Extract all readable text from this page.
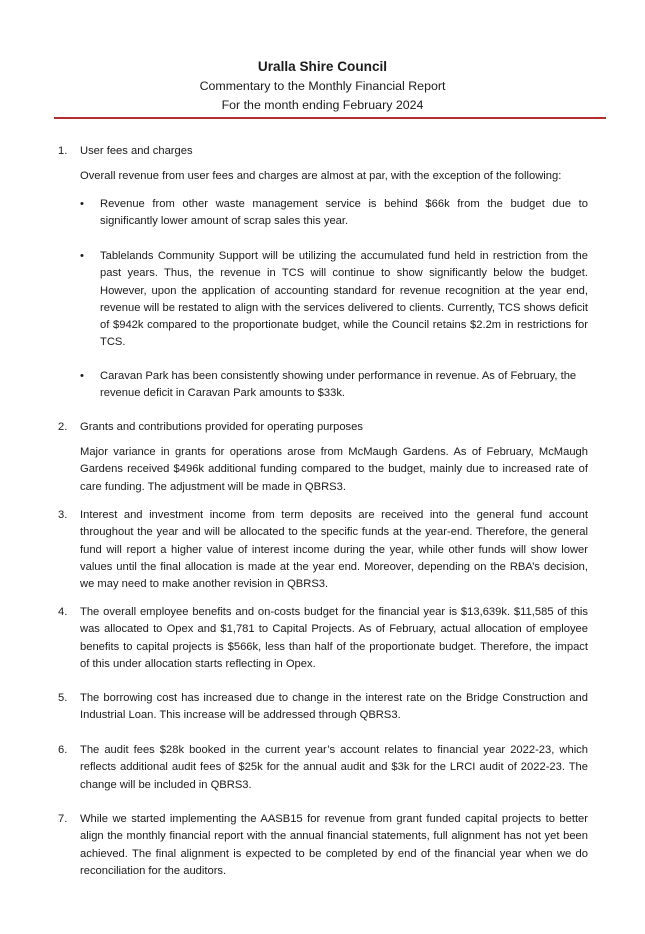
Uralla Shire Council
Commentary to the Monthly Financial Report
For the month ending February 2024
1. User fees and charges
Overall revenue from user fees and charges are almost at par, with the exception of the following:
• Revenue from other waste management service is behind $66k from the budget due to significantly lower amount of scrap sales this year.
• Tablelands Community Support will be utilizing the accumulated fund held in restriction from the past years. Thus, the revenue in TCS will continue to show significantly below the budget. However, upon the application of accounting standard for revenue recognition at the year end, revenue will be restated to align with the services delivered to clients. Currently, TCS shows deficit of $942k compared to the proportionate budget, while the Council retains $2.2m in restrictions for TCS.
• Caravan Park has been consistently showing under performance in revenue. As of February, the revenue deficit in Caravan Park amounts to $33k.
2. Grants and contributions provided for operating purposes
Major variance in grants for operations arose from McMaugh Gardens. As of February, McMaugh Gardens received $496k additional funding compared to the budget, mainly due to increased rate of care funding. The adjustment will be made in QBRS3.
3. Interest and investment income from term deposits are received into the general fund account throughout the year and will be allocated to the specific funds at the year-end. Therefore, the general fund will report a higher value of interest income during the year, while other funds will show lower values until the final allocation is made at the year end. Moreover, depending on the RBA’s decision, we may need to make another revision in QBRS3.
4. The overall employee benefits and on-costs budget for the financial year is $13,639k. $11,585 of this was allocated to Opex and $1,781 to Capital Projects. As of February, actual allocation of employee benefits to capital projects is $566k, less than half of the proportionate budget. Therefore, the impact of this under allocation starts reflecting in Opex.
5. The borrowing cost has increased due to change in the interest rate on the Bridge Construction and Industrial Loan. This increase will be addressed through QBRS3.
6. The audit fees $28k booked in the current year’s account relates to financial year 2022-23, which reflects additional audit fees of $25k for the annual audit and $3k for the LRCI audit of 2022-23. The change will be included in QBRS3.
7. While we started implementing the AASB15 for revenue from grant funded capital projects to better align the monthly financial report with the annual financial statements, full alignment has not yet been achieved. The final alignment is expected to be completed by end of the financial year when we do reconciliation for the auditors.
